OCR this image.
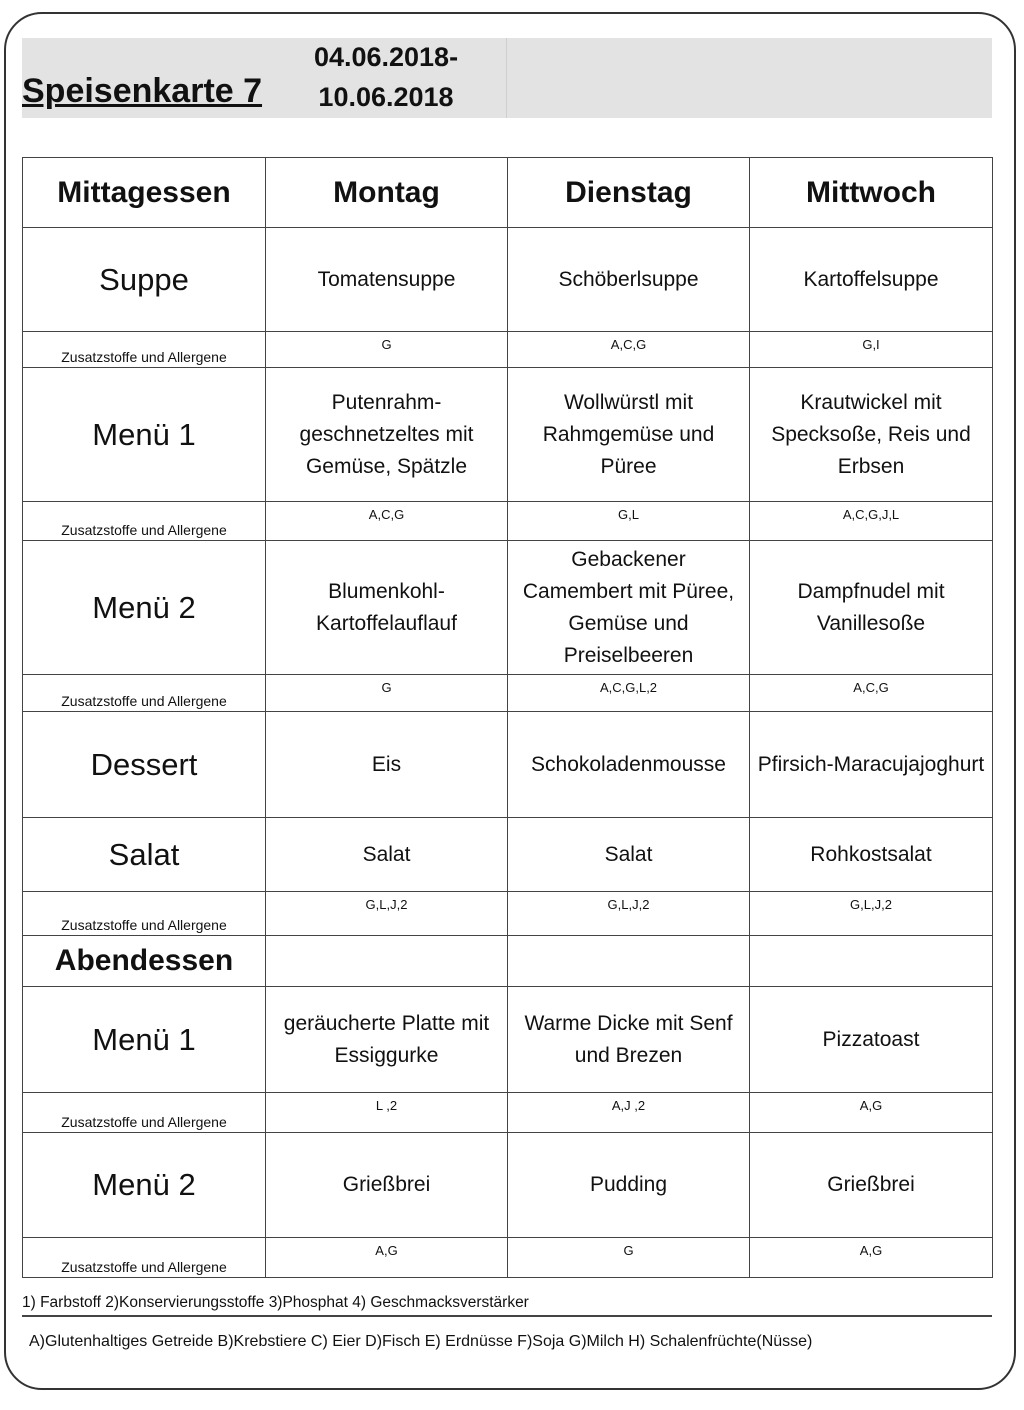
Speisenkarte 7
04.06.2018-
10.06.2018
Mittagessen	Montag	Dienstag	Mittwoch
Suppe	Tomatensuppe	Schöberlsuppe	Kartoffelsuppe
Zusatzstoffe und Allergene	G	A,C,G	G,I
Menü 1	Putenrahm-geschnetzeltes mit Gemüse, Spätzle	Wollwürstl mit Rahmgemüse und Püree	Krautwickel mit Specksoße, Reis und Erbsen
Zusatzstoffe und Allergene	A,C,G	G,L	A,C,G,J,L
Menü 2	Blumenkohl-Kartoffelauflauf	Gebackener Camembert mit Püree, Gemüse und Preiselbeeren	Dampfnudel mit Vanillesoße
Zusatzstoffe und Allergene	G	A,C,G,L,2	A,C,G
Dessert	Eis	Schokoladenmousse	Pfirsich-Maracujajoghurt
Salat	Salat	Salat	Rohkostsalat
Zusatzstoffe und Allergene	G,L,J,2	G,L,J,2	G,L,J,2
Abendessen			
Menü 1	geräucherte Platte mit Essiggurke	Warme Dicke mit Senf und Brezen	Pizzatoast
Zusatzstoffe und Allergene	L ,2	A,J ,2	A,G
Menü 2	Grießbrei	Pudding	Grießbrei
Zusatzstoffe und Allergene	A,G	G	A,G
1) Farbstoff 2)Konservierungsstoffe 3)Phosphat 4) Geschmacksverstärker
A)Glutenhaltiges Getreide B)Krebstiere C) Eier D)Fisch E) Erdnüsse F)Soja G)Milch H) Schalenfrüchte(Nüsse)
